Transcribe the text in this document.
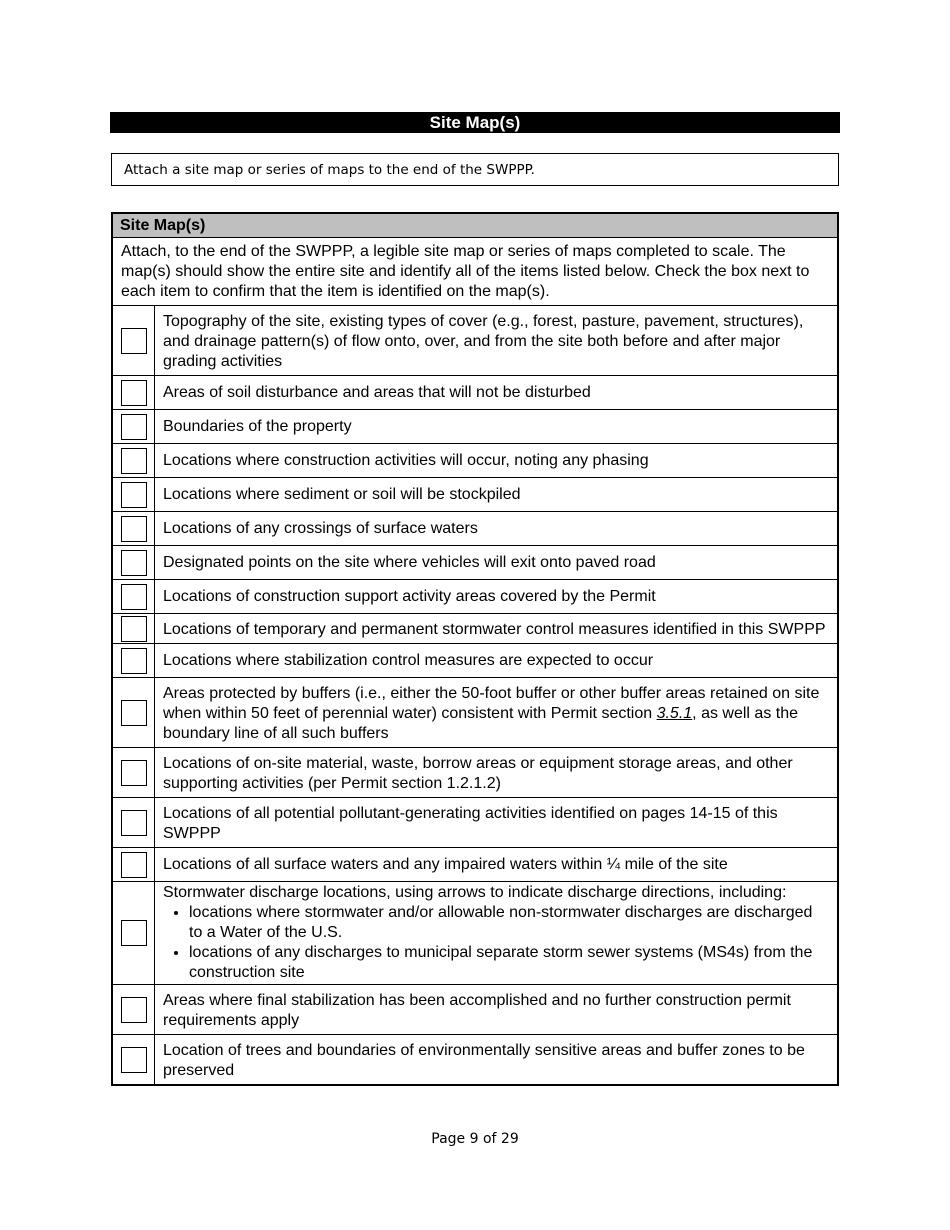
Site Map(s)
Attach a site map or series of maps to the end of the SWPPP.
Site Map(s)
Attach, to the end of the SWPPP, a legible site map or series of maps completed to scale. The map(s) should show the entire site and identify all of the items listed below. Check the box next to each item to confirm that the item is identified on the map(s).
Topography of the site, existing types of cover (e.g., forest, pasture, pavement, structures), and drainage pattern(s) of flow onto, over, and from the site both before and after major grading activities
Areas of soil disturbance and areas that will not be disturbed
Boundaries of the property
Locations where construction activities will occur, noting any phasing
Locations where sediment or soil will be stockpiled
Locations of any crossings of surface waters
Designated points on the site where vehicles will exit onto paved road
Locations of construction support activity areas covered by the Permit
Locations of temporary and permanent stormwater control measures identified in this SWPPP
Locations where stabilization control measures are expected to occur
Areas protected by buffers (i.e., either the 50-foot buffer or other buffer areas retained on site when within 50 feet of perennial water) consistent with Permit section 3.5.1, as well as the boundary line of all such buffers
Locations of on-site material, waste, borrow areas or equipment storage areas, and other supporting activities (per Permit section 1.2.1.2)
Locations of all potential pollutant-generating activities identified on pages 14-15 of this SWPPP
Locations of all surface waters and any impaired waters within ¼ mile of the site
Stormwater discharge locations, using arrows to indicate discharge directions, including:
• locations where stormwater and/or allowable non-stormwater discharges are discharged to a Water of the U.S.
• locations of any discharges to municipal separate storm sewer systems (MS4s) from the construction site
Areas where final stabilization has been accomplished and no further construction permit requirements apply
Location of trees and boundaries of environmentally sensitive areas and buffer zones to be preserved
Page 9 of 29
